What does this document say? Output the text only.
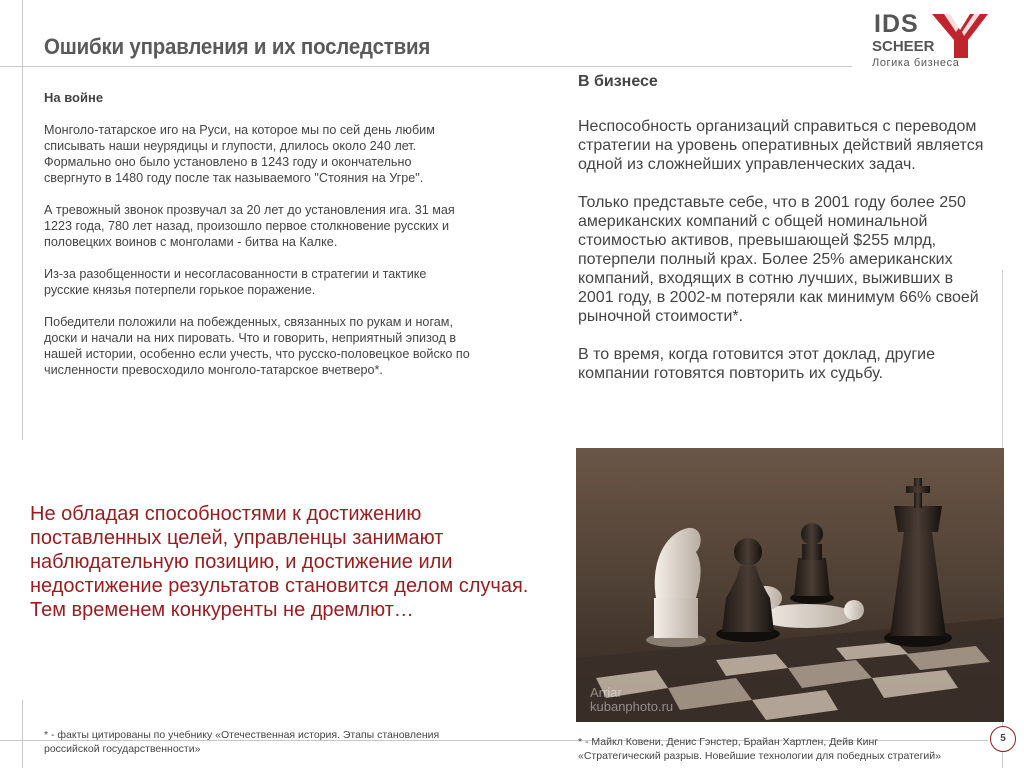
Ошибки управления и их последствия
IDS
SCHEER
Логика бизнеса
На войне

Монголо-татарское иго на Руси, на которое мы по сей день любим списывать наши неурядицы и глупости, длилось около 240 лет. Формально оно было установлено в 1243 году и окончательно свергнуто в 1480 году после так называемого "Стояния на Угре".

А тревожный звонок прозвучал за 20 лет до установления ига. 31 мая 1223 года, 780 лет назад, произошло первое столкновение русских и половецких воинов с монголами - битва на Калке.

Из-за разобщенности и несогласованности в стратегии и тактике русские князья потерпели горькое поражение.

Победители положили на побежденных, связанных по рукам и ногам, доски и начали на них пировать. Что и говорить, неприятный эпизод в нашей истории, особенно если учесть, что русско-половецкое войско по численности превосходило монголо-татарское вчетверо*.

В бизнесе

Неспособность организаций справиться с переводом стратегии на уровень оперативных действий является одной из сложнейших управленческих задач.

Только представьте себе, что в 2001 году более 250 американских компаний с общей номинальной стоимостью активов, превышающей $255 млрд, потерпели полный крах. Более 25% американских компаний, входящих в сотню лучших, выживших в 2001 году, в 2002-м потеряли как минимум 66% своей рыночной стоимости*.

В то время, когда готовится этот доклад, другие компании готовятся повторить их судьбу.

Не обладая способностями к достижению поставленных целей, управленцы занимают наблюдательную позицию, и достижение или недостижение результатов становится делом случая. Тем временем конкуренты не дремлют…

Arriar
kubanphoto.ru
* - факты цитированы по учебнику «Отечественная история. Этапы становления российской государственности»
* - Майкл Ковени, Денис Гэнстер, Брайан Хартлен, Дейв Кинг
«Стратегический разрыв. Новейшие технологии для победных стратегий»
5
